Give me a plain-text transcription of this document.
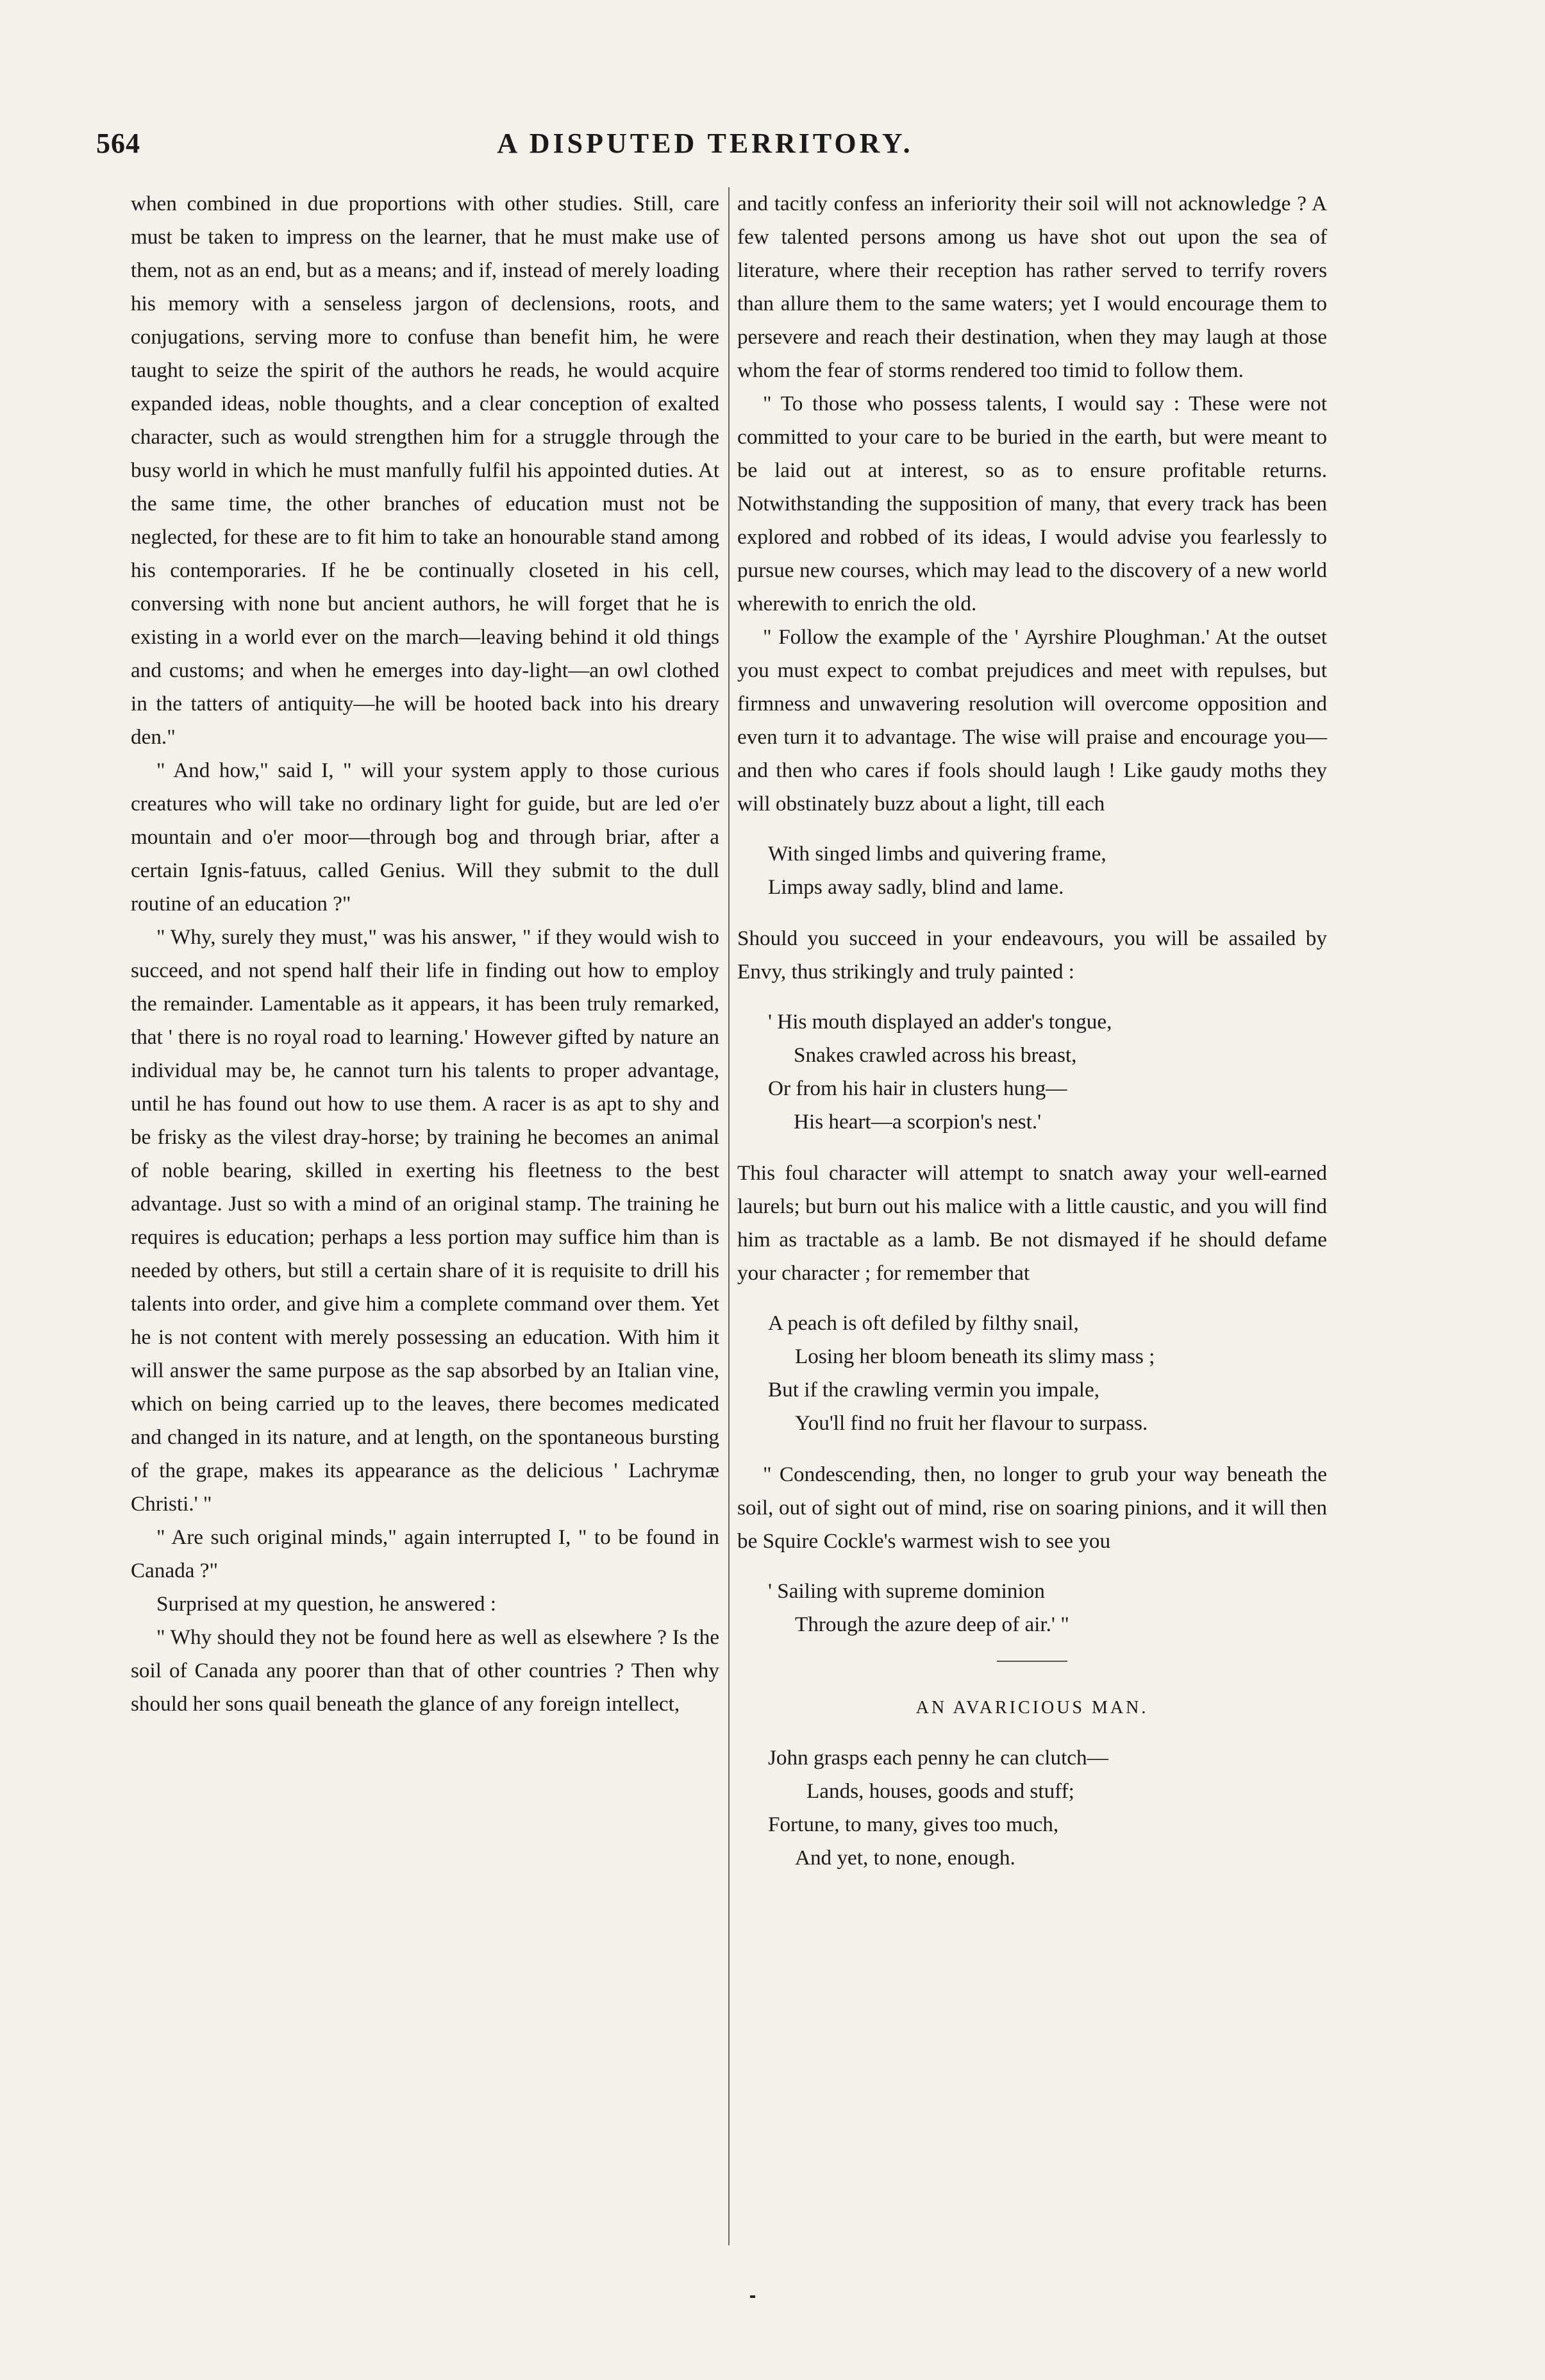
564	A DISPUTED TERRITORY.

when combined in due proportions with other studies. Still, care must be taken to impress on the learner, that he must make use of them, not as an end, but as a means; and if, instead of merely loading his memory with a senseless jargon of declensions, roots, and conjugations, serving more to confuse than benefit him, he were taught to seize the spirit of the authors he reads, he would acquire expanded ideas, noble thoughts, and a clear conception of exalted character, such as would strengthen him for a struggle through the busy world in which he must manfully fulfil his appointed duties. At the same time, the other branches of education must not be neglected, for these are to fit him to take an honourable stand among his contemporaries. If he be continually closeted in his cell, conversing with none but ancient authors, he will forget that he is existing in a world ever on the march—leaving behind it old things and customs; and when he emerges into day-light—an owl clothed in the tatters of antiquity—he will be hooted back into his dreary den."

" And how," said I, " will your system apply to those curious creatures who will take no ordinary light for guide, but are led o'er mountain and o'er moor—through bog and through briar, after a certain Ignis-fatuus, called Genius. Will they submit to the dull routine of an education ?"

" Why, surely they must," was his answer, " if they would wish to succeed, and not spend half their life in finding out how to employ the remainder. Lamentable as it appears, it has been truly remarked, that ' there is no royal road to learning.' However gifted by nature an individual may be, he cannot turn his talents to proper advantage, until he has found out how to use them. A racer is as apt to shy and be frisky as the vilest dray-horse; by training he becomes an animal of noble bearing, skilled in exerting his fleetness to the best advantage. Just so with a mind of an original stamp. The training he requires is education; perhaps a less portion may suffice him than is needed by others, but still a certain share of it is requisite to drill his talents into order, and give him a complete command over them. Yet he is not content with merely possessing an education. With him it will answer the same purpose as the sap absorbed by an Italian vine, which on being carried up to the leaves, there becomes medicated and changed in its nature, and at length, on the spontaneous bursting of the grape, makes its appearance as the delicious ' Lachrymæ Christi.' "

" Are such original minds," again interrupted I, " to be found in Canada ?"

Surprised at my question, he answered :

" Why should they not be found here as well as elsewhere ? Is the soil of Canada any poorer than that of other countries ? Then why should her sons quail beneath the glance of any foreign intellect,

and tacitly confess an inferiority their soil will not acknowledge ? A few talented persons among us have shot out upon the sea of literature, where their reception has rather served to terrify rovers than allure them to the same waters; yet I would encourage them to persevere and reach their destination, when they may laugh at those whom the fear of storms rendered too timid to follow them.

" To those who possess talents, I would say : These were not committed to your care to be buried in the earth, but were meant to be laid out at interest, so as to ensure profitable returns. Notwithstanding the supposition of many, that every track has been explored and robbed of its ideas, I would advise you fearlessly to pursue new courses, which may lead to the discovery of a new world wherewith to enrich the old.

" Follow the example of the ' Ayrshire Ploughman.' At the outset you must expect to combat prejudices and meet with repulses, but firmness and unwavering resolution will overcome opposition and even turn it to advantage. The wise will praise and encourage you—and then who cares if fools should laugh ! Like gaudy moths they will obstinately buzz about a light, till each

With singed limbs and quivering frame,
Limps away sadly, blind and lame.

Should you succeed in your endeavours, you will be assailed by Envy, thus strikingly and truly painted :

' His mouth displayed an adder's tongue,
Snakes crawled across his breast,
Or from his hair in clusters hung—
His heart—a scorpion's nest.'

This foul character will attempt to snatch away your well-earned laurels; but burn out his malice with a little caustic, and you will find him as tractable as a lamb. Be not dismayed if he should defame your character ; for remember that

A peach is oft defiled by filthy snail,
Losing her bloom beneath its slimy mass ;
But if the crawling vermin you impale,
You'll find no fruit her flavour to surpass.

" Condescending, then, no longer to grub your way beneath the soil, out of sight out of mind, rise on soaring pinions, and it will then be Squire Cockle's warmest wish to see you

' Sailing with supreme dominion
Through the azure deep of air.' "
AN AVARICIOUS MAN.
John grasps each penny he can clutch—
Lands, houses, goods and stuff;
Fortune, to many, gives too much,
And yet, to none, enough.
